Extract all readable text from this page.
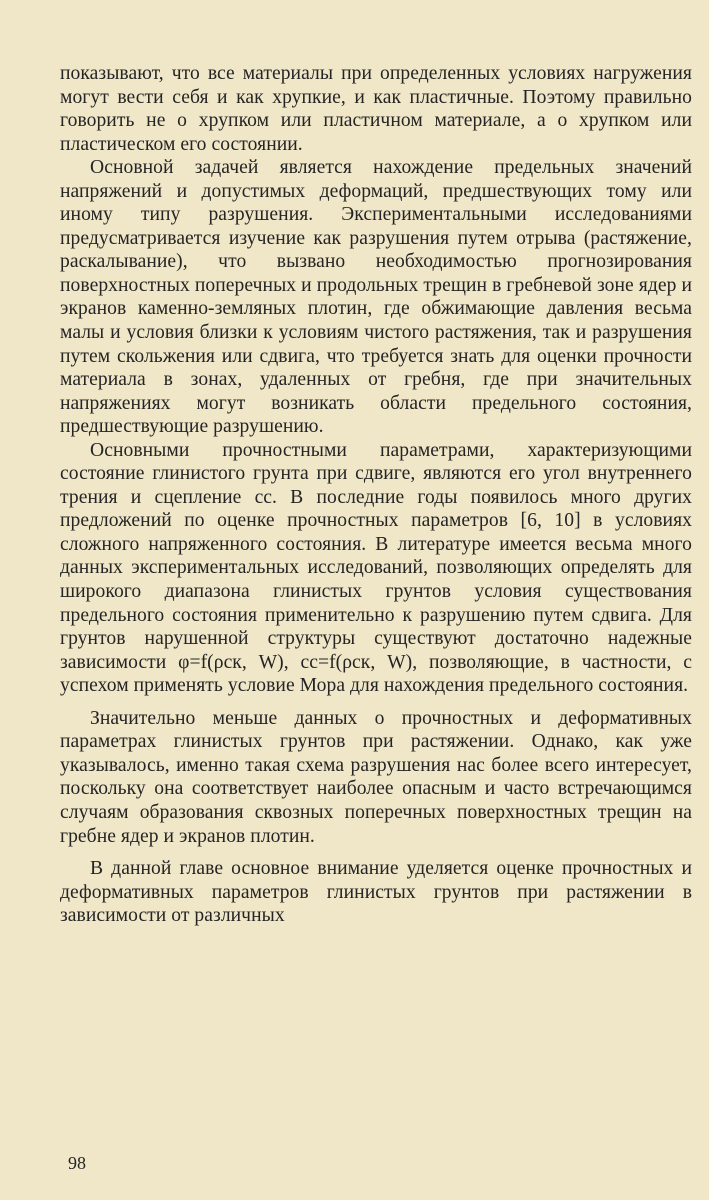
показывают, что все материалы при определенных условиях нагружения могут вести себя и как хрупкие, и как пластичные. Поэтому правильно говорить не о хрупком или пластичном материале, а о хрупком или пластическом его состоянии.

Основной задачей является нахождение предельных значений напряжений и допустимых деформаций, предшествующих тому или иному типу разрушения. Экспериментальными исследованиями предусматривается изучение как разрушения путем отрыва (растяжение, раскалывание), что вызвано необходимостью прогнозирования поверхностных поперечных и продольных трещин в гребневой зоне ядер и экранов каменно-земляных плотин, где обжимающие давления весьма малы и условия близки к условиям чистого растяжения, так и разрушения путем скольжения или сдвига, что требуется знать для оценки прочности материала в зонах, удаленных от гребня, где при значительных напряжениях могут возникать области предельного состояния, предшествующие разрушению.

Основными прочностными параметрами, характеризующими состояние глинистого грунта при сдвиге, являются его угол внутреннего трения и сцепление cc. В последние годы появилось много других предложений по оценке прочностных параметров [6, 10] в условиях сложного напряженного состояния. В литературе имеется весьма много данных экспериментальных исследований, позволяющих определять для широкого диапазона глинистых грунтов условия существования предельного состояния применительно к разрушению путем сдвига. Для грунтов нарушенной структуры существуют достаточно надежные зависимости φ=f(ρск, W), cc=f(ρск, W), позволяющие, в частности, с успехом применять условие Мора для нахождения предельного состояния.

Значительно меньше данных о прочностных и деформативных параметрах глинистых грунтов при растяжении. Однако, как уже указывалось, именно такая схема разрушения нас более всего интересует, поскольку она соответствует наиболее опасным и часто встречающимся случаям образования сквозных поперечных поверхностных трещин на гребне ядер и экранов плотин.

В данной главе основное внимание уделяется оценке прочностных и деформативных параметров глинистых грунтов при растяжении в зависимости от различных

98
